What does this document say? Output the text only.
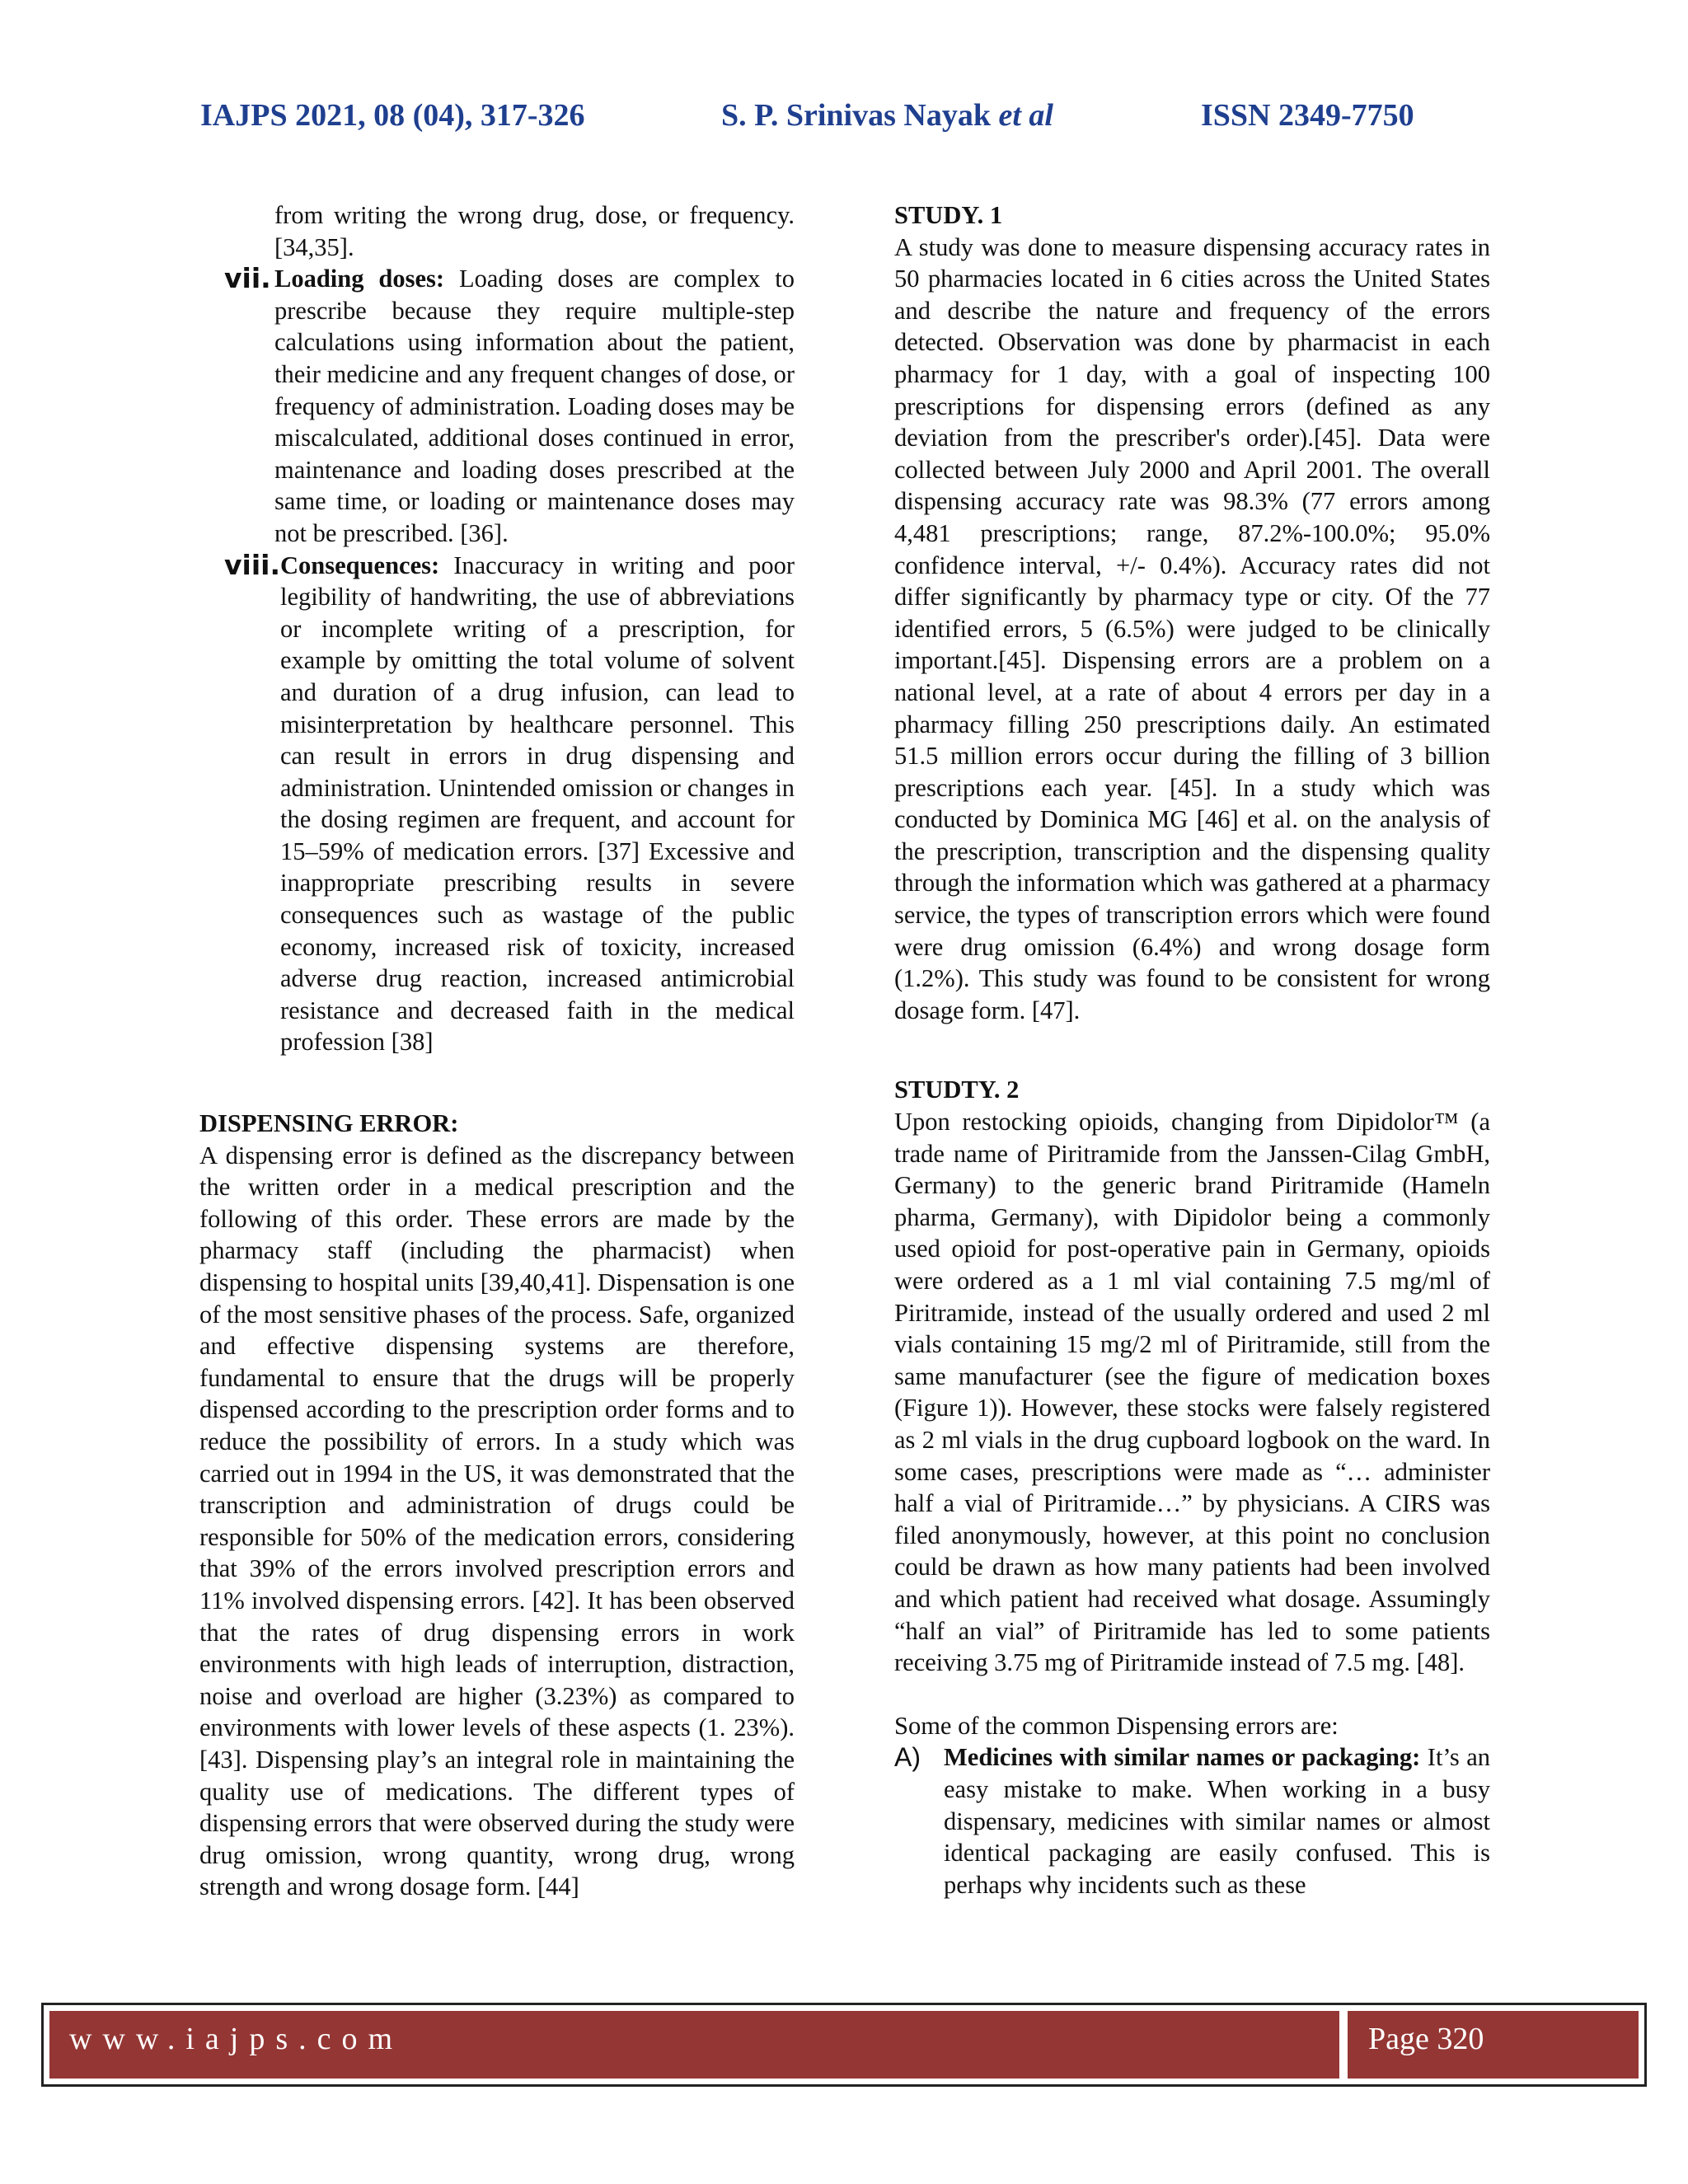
IAJPS 2021, 08 (04), 317-326	S. P. Srinivas Nayak et al	ISSN 2349-7750

from writing the wrong drug, dose, or frequency. [34,35].

vii. Loading doses: Loading doses are complex to prescribe because they require multiple-step calculations using information about the patient, their medicine and any frequent changes of dose, or frequency of administration. Loading doses may be miscalculated, additional doses continued in error, maintenance and loading doses prescribed at the same time, or loading or maintenance doses may not be prescribed. [36].

viii. Consequences: Inaccuracy in writing and poor legibility of handwriting, the use of abbreviations or incomplete writing of a prescription, for example by omitting the total volume of solvent and duration of a drug infusion, can lead to misinterpretation by healthcare personnel. This can result in errors in drug dispensing and administration. Unintended omission or changes in the dosing regimen are frequent, and account for 15–59% of medication errors. [37] Excessive and inappropriate prescribing results in severe consequences such as wastage of the public economy, increased risk of toxicity, increased adverse drug reaction, increased antimicrobial resistance and decreased faith in the medical profession [38]

DISPENSING ERROR:

A dispensing error is defined as the discrepancy between the written order in a medical prescription and the following of this order. These errors are made by the pharmacy staff (including the pharmacist) when dispensing to hospital units [39,40,41]. Dispensation is one of the most sensitive phases of the process. Safe, organized and effective dispensing systems are therefore, fundamental to ensure that the drugs will be properly dispensed according to the prescription order forms and to reduce the possibility of errors. In a study which was carried out in 1994 in the US, it was demonstrated that the transcription and administration of drugs could be responsible for 50% of the medication errors, considering that 39% of the errors involved prescription errors and 11% involved dispensing errors. [42]. It has been observed that the rates of drug dispensing errors in work environments with high leads of interruption, distraction, noise and overload are higher (3.23%) as compared to environments with lower levels of these aspects (1. 23%). [43]. Dispensing play’s an integral role in maintaining the quality use of medications. The different types of dispensing errors that were observed during the study were drug omission, wrong quantity, wrong drug, wrong strength and wrong dosage form. [44]

STUDY. 1

A study was done to measure dispensing accuracy rates in 50 pharmacies located in 6 cities across the United States and describe the nature and frequency of the errors detected. Observation was done by pharmacist in each pharmacy for 1 day, with a goal of inspecting 100 prescriptions for dispensing errors (defined as any deviation from the prescriber's order).[45]. Data were collected between July 2000 and April 2001. The overall dispensing accuracy rate was 98.3% (77 errors among 4,481 prescriptions; range, 87.2%-100.0%; 95.0% confidence interval, +/- 0.4%). Accuracy rates did not differ significantly by pharmacy type or city. Of the 77 identified errors, 5 (6.5%) were judged to be clinically important.[45]. Dispensing errors are a problem on a national level, at a rate of about 4 errors per day in a pharmacy filling 250 prescriptions daily. An estimated 51.5 million errors occur during the filling of 3 billion prescriptions each year. [45]. In a study which was conducted by Dominica MG [46] et al. on the analysis of the prescription, transcription and the dispensing quality through the information which was gathered at a pharmacy service, the types of transcription errors which were found were drug omission (6.4%) and wrong dosage form (1.2%). This study was found to be consistent for wrong dosage form. [47].

STUDTY. 2

Upon restocking opioids, changing from Dipidolor™ (a trade name of Piritramide from the Janssen-Cilag GmbH, Germany) to the generic brand Piritramide (Hameln pharma, Germany), with Dipidolor being a commonly used opioid for post-operative pain in Germany, opioids were ordered as a 1 ml vial containing 7.5 mg/ml of Piritramide, instead of the usually ordered and used 2 ml vials containing 15 mg/2 ml of Piritramide, still from the same manufacturer (see the figure of medication boxes (Figure 1)). However, these stocks were falsely registered as 2 ml vials in the drug cupboard logbook on the ward. In some cases, prescriptions were made as “… administer half a vial of Piritramide…” by physicians. A CIRS was filed anonymously, however, at this point no conclusion could be drawn as how many patients had been involved and which patient had received what dosage. Assumingly “half an vial” of Piritramide has led to some patients receiving 3.75 mg of Piritramide instead of 7.5 mg. [48].

Some of the common Dispensing errors are:

A) Medicines with similar names or packaging: It’s an easy mistake to make. When working in a busy dispensary, medicines with similar names or almost identical packaging are easily confused. This is perhaps why incidents such as these

www.iajps.com	Page 320
